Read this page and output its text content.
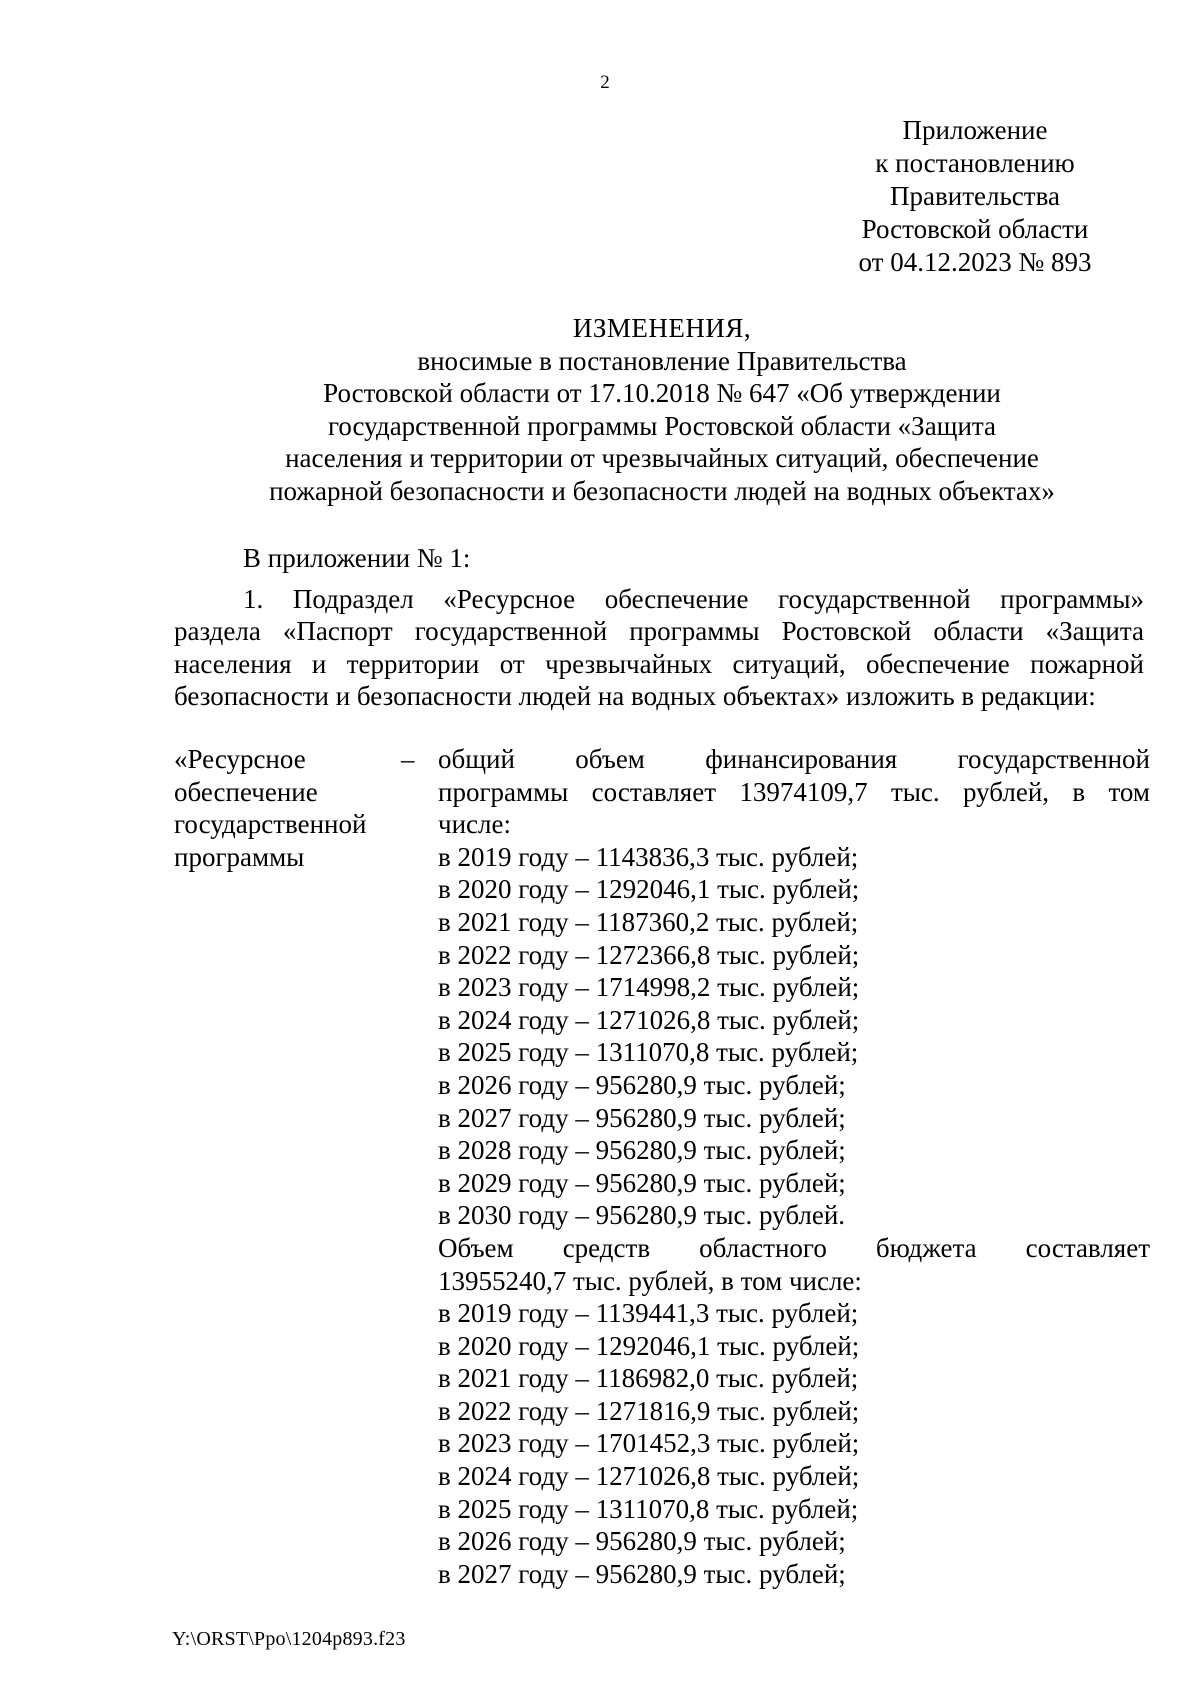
2
Приложение
к постановлению
Правительства
Ростовской области
от 04.12.2023 № 893
ИЗМЕНЕНИЯ,
вносимые в постановление Правительства
Ростовской области от 17.10.2018 № 647 «Об утверждении
государственной программы Ростовской области «Защита
населения и территории от чрезвычайных ситуаций, обеспечение
пожарной безопасности и безопасности людей на водных объектах»
В приложении № 1:
1. Подраздел «Ресурсное обеспечение государственной программы»
раздела «Паспорт государственной программы Ростовской области «Защита
населения и территории от чрезвычайных ситуаций, обеспечение пожарной
безопасности и безопасности людей на водных объектах» изложить в редакции:
«Ресурсное
обеспечение
государственной
программы
– общий объем финансирования государственной
программы составляет 13974109,7 тыс. рублей, в том
числе:
в 2019 году – 1143836,3 тыс. рублей;
в 2020 году – 1292046,1 тыс. рублей;
в 2021 году – 1187360,2 тыс. рублей;
в 2022 году – 1272366,8 тыс. рублей;
в 2023 году – 1714998,2 тыс. рублей;
в 2024 году – 1271026,8 тыс. рублей;
в 2025 году – 1311070,8 тыс. рублей;
в 2026 году – 956280,9 тыс. рублей;
в 2027 году – 956280,9 тыс. рублей;
в 2028 году – 956280,9 тыс. рублей;
в 2029 году – 956280,9 тыс. рублей;
в 2030 году – 956280,9 тыс. рублей.
Объем средств областного бюджета составляет
13955240,7 тыс. рублей, в том числе:
в 2019 году – 1139441,3 тыс. рублей;
в 2020 году – 1292046,1 тыс. рублей;
в 2021 году – 1186982,0 тыс. рублей;
в 2022 году – 1271816,9 тыс. рублей;
в 2023 году – 1701452,3 тыс. рублей;
в 2024 году – 1271026,8 тыс. рублей;
в 2025 году – 1311070,8 тыс. рублей;
в 2026 году – 956280,9 тыс. рублей;
в 2027 году – 956280,9 тыс. рублей;
Y:\ORST\Ppo\1204p893.f23
